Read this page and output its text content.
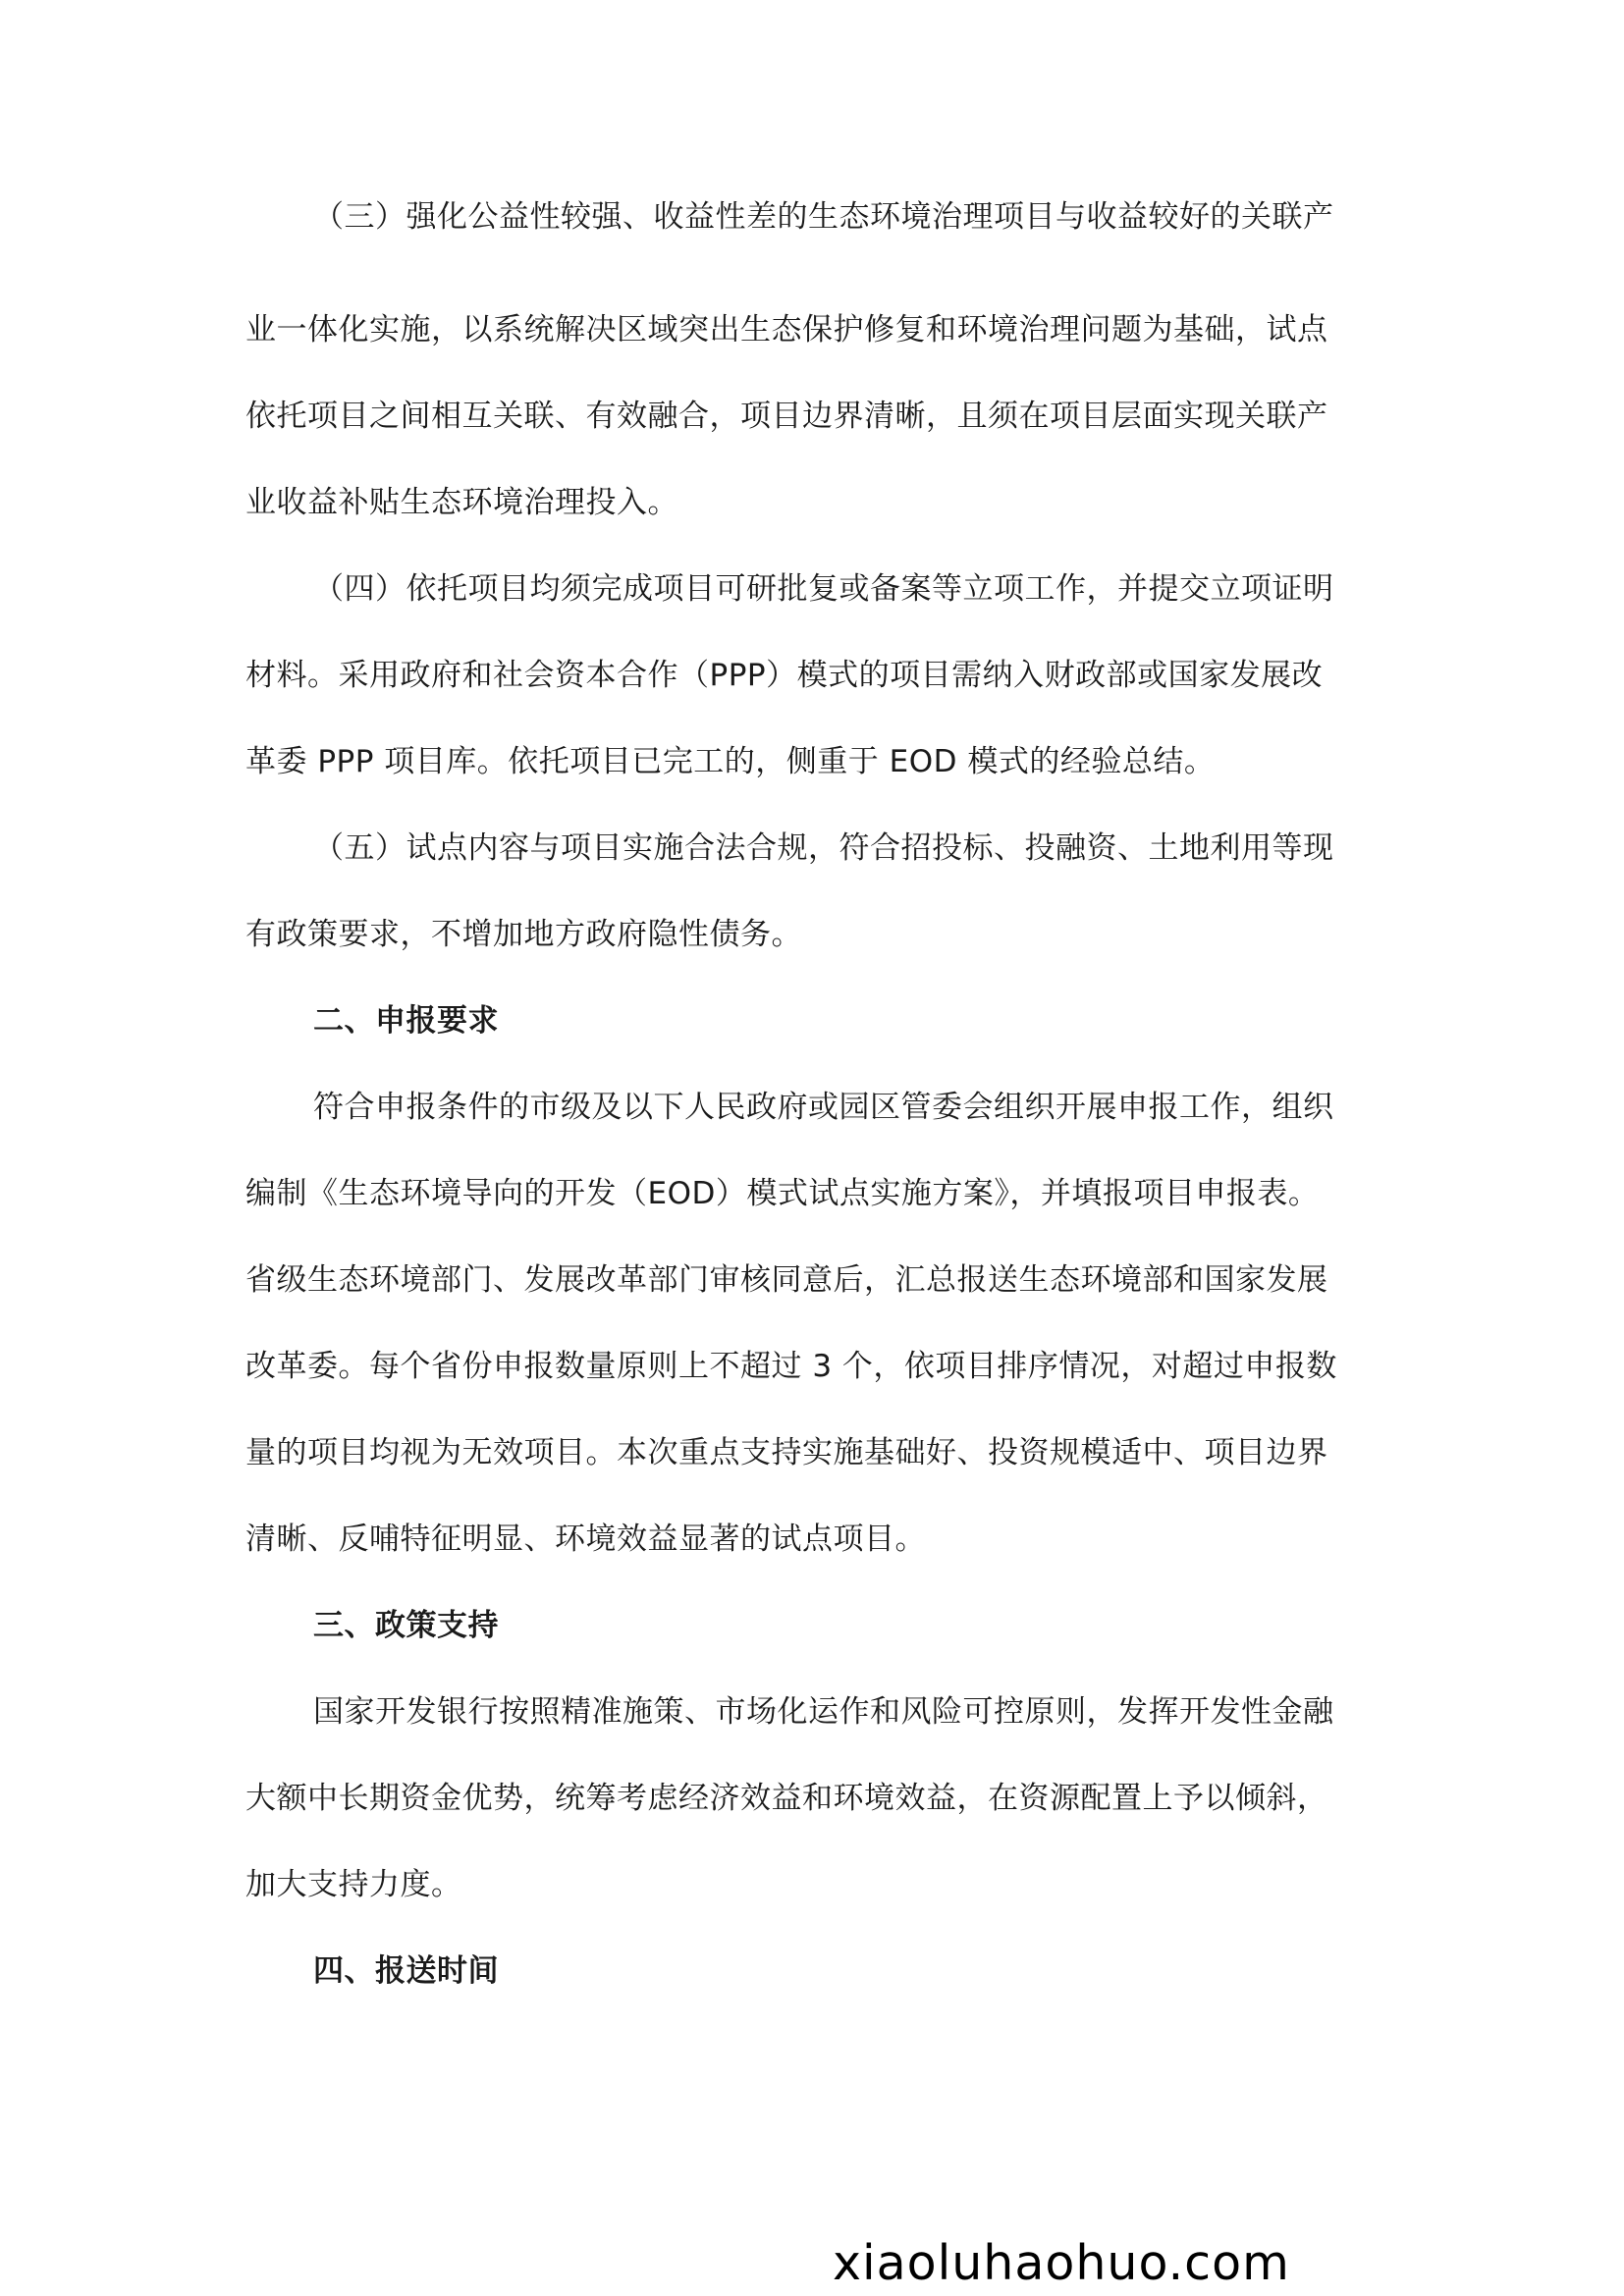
（三）强化公益性较强、收益性差的生态环境治理项目与收益较好的关联产
业一体化实施，以系统解决区域突出生态保护修复和环境治理问题为基础，试点
依托项目之间相互关联、有效融合，项目边界清晰，且须在项目层面实现关联产
业收益补贴生态环境治理投入。
（四）依托项目均须完成项目可研批复或备案等立项工作，并提交立项证明
材料。采用政府和社会资本合作（PPP）模式的项目需纳入财政部或国家发展改
革委 PPP 项目库。依托项目已完工的，侧重于 EOD 模式的经验总结。
（五）试点内容与项目实施合法合规，符合招投标、投融资、土地利用等现
有政策要求，不增加地方政府隐性债务。
二、申报要求
符合申报条件的市级及以下人民政府或园区管委会组织开展申报工作，组织
编制《生态环境导向的开发（EOD）模式试点实施方案》，并填报项目申报表。
省级生态环境部门、发展改革部门审核同意后，汇总报送生态环境部和国家发展
改革委。每个省份申报数量原则上不超过 3 个，依项目排序情况，对超过申报数
量的项目均视为无效项目。本次重点支持实施基础好、投资规模适中、项目边界
清晰、反哺特征明显、环境效益显著的试点项目。
三、政策支持
国家开发银行按照精准施策、市场化运作和风险可控原则，发挥开发性金融
大额中长期资金优势，统筹考虑经济效益和环境效益，在资源配置上予以倾斜，
加大支持力度。
四、报送时间
xiaoluhaohuo.com
